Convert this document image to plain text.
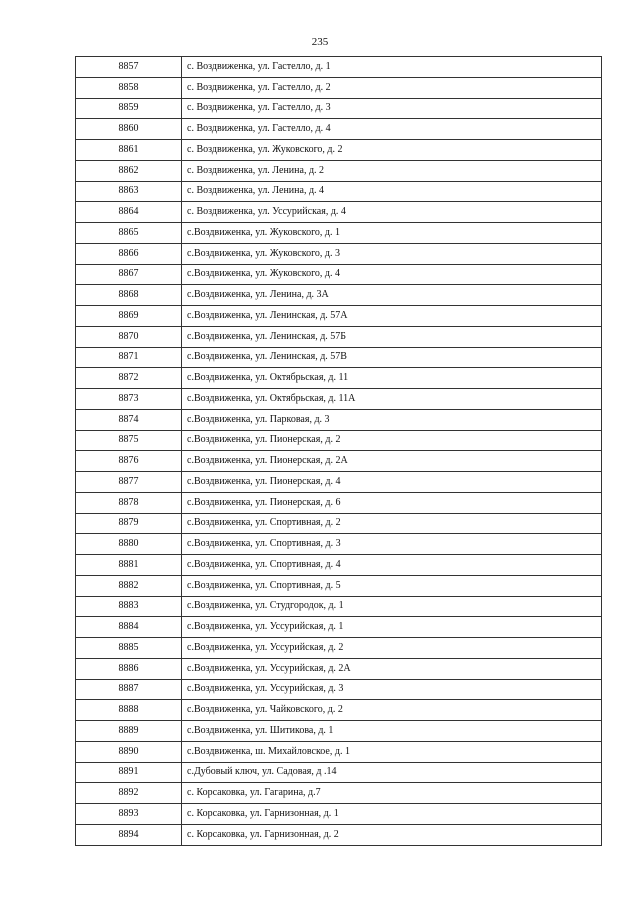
235
8857	с. Воздвиженка, ул. Гастелло, д. 1
8858	с. Воздвиженка, ул. Гастелло, д. 2
8859	с. Воздвиженка, ул. Гастелло, д. 3
8860	с. Воздвиженка, ул. Гастелло, д. 4
8861	с. Воздвиженка, ул. Жуковского, д. 2
8862	с. Воздвиженка, ул. Ленина, д. 2
8863	с. Воздвиженка, ул. Ленина, д. 4
8864	с. Воздвиженка, ул. Уссурийская, д. 4
8865	с.Воздвиженка, ул. Жуковского, д. 1
8866	с.Воздвиженка, ул. Жуковского, д. 3
8867	с.Воздвиженка, ул. Жуковского, д. 4
8868	с.Воздвиженка, ул. Ленина, д. 3А
8869	с.Воздвиженка, ул. Ленинская, д. 57А
8870	с.Воздвиженка, ул. Ленинская, д. 57Б
8871	с.Воздвиженка, ул. Ленинская, д. 57В
8872	с.Воздвиженка, ул. Октябрьская, д. 11
8873	с.Воздвиженка, ул. Октябрьская, д. 11А
8874	с.Воздвиженка, ул. Парковая, д. 3
8875	с.Воздвиженка, ул. Пионерская, д. 2
8876	с.Воздвиженка, ул. Пионерская, д. 2А
8877	с.Воздвиженка, ул. Пионерская, д. 4
8878	с.Воздвиженка, ул. Пионерская, д. 6
8879	с.Воздвиженка, ул. Спортивная, д. 2
8880	с.Воздвиженка, ул. Спортивная, д. 3
8881	с.Воздвиженка, ул. Спортивная, д. 4
8882	с.Воздвиженка, ул. Спортивная, д. 5
8883	с.Воздвиженка, ул. Студгородок, д. 1
8884	с.Воздвиженка, ул. Уссурийская, д. 1
8885	с.Воздвиженка, ул. Уссурийская, д. 2
8886	с.Воздвиженка, ул. Уссурийская, д. 2А
8887	с.Воздвиженка, ул. Уссурийская, д. 3
8888	с.Воздвиженка, ул. Чайковского, д. 2
8889	с.Воздвиженка, ул. Шитикова, д. 1
8890	с.Воздвиженка, ш. Михайловское, д. 1
8891	с.Дубовый ключ, ул. Садовая, д .14
8892	с. Корсаковка, ул. Гагарина, д.7
8893	с. Корсаковка, ул. Гарнизонная, д. 1
8894	с. Корсаковка, ул. Гарнизонная, д. 2
